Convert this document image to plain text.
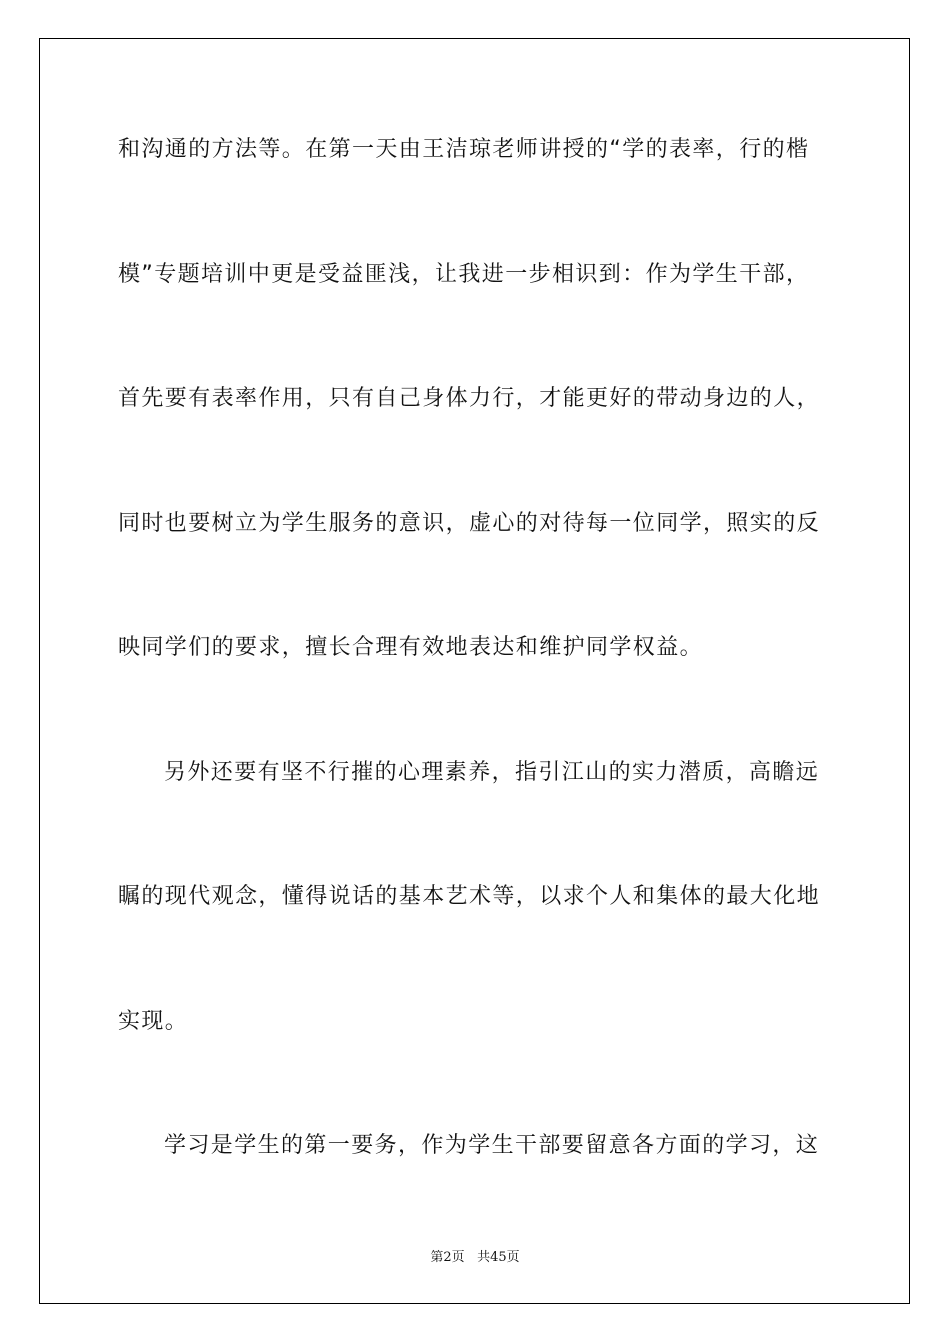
和沟通的方法等。在第一天由王洁琼老师讲授的“学的表率，行的楷
模”专题培训中更是受益匪浅，让我进一步相识到：作为学生干部，
首先要有表率作用，只有自己身体力行，才能更好的带动身边的人，
同时也要树立为学生服务的意识，虚心的对待每一位同学，照实的反
映同学们的要求，擅长合理有效地表达和维护同学权益。
另外还要有坚不行摧的心理素养，指引江山的实力潜质，高瞻远
瞩的现代观念，懂得说话的基本艺术等，以求个人和集体的最大化地
实现。
学习是学生的第一要务，作为学生干部要留意各方面的学习，这
第2页 共45页
